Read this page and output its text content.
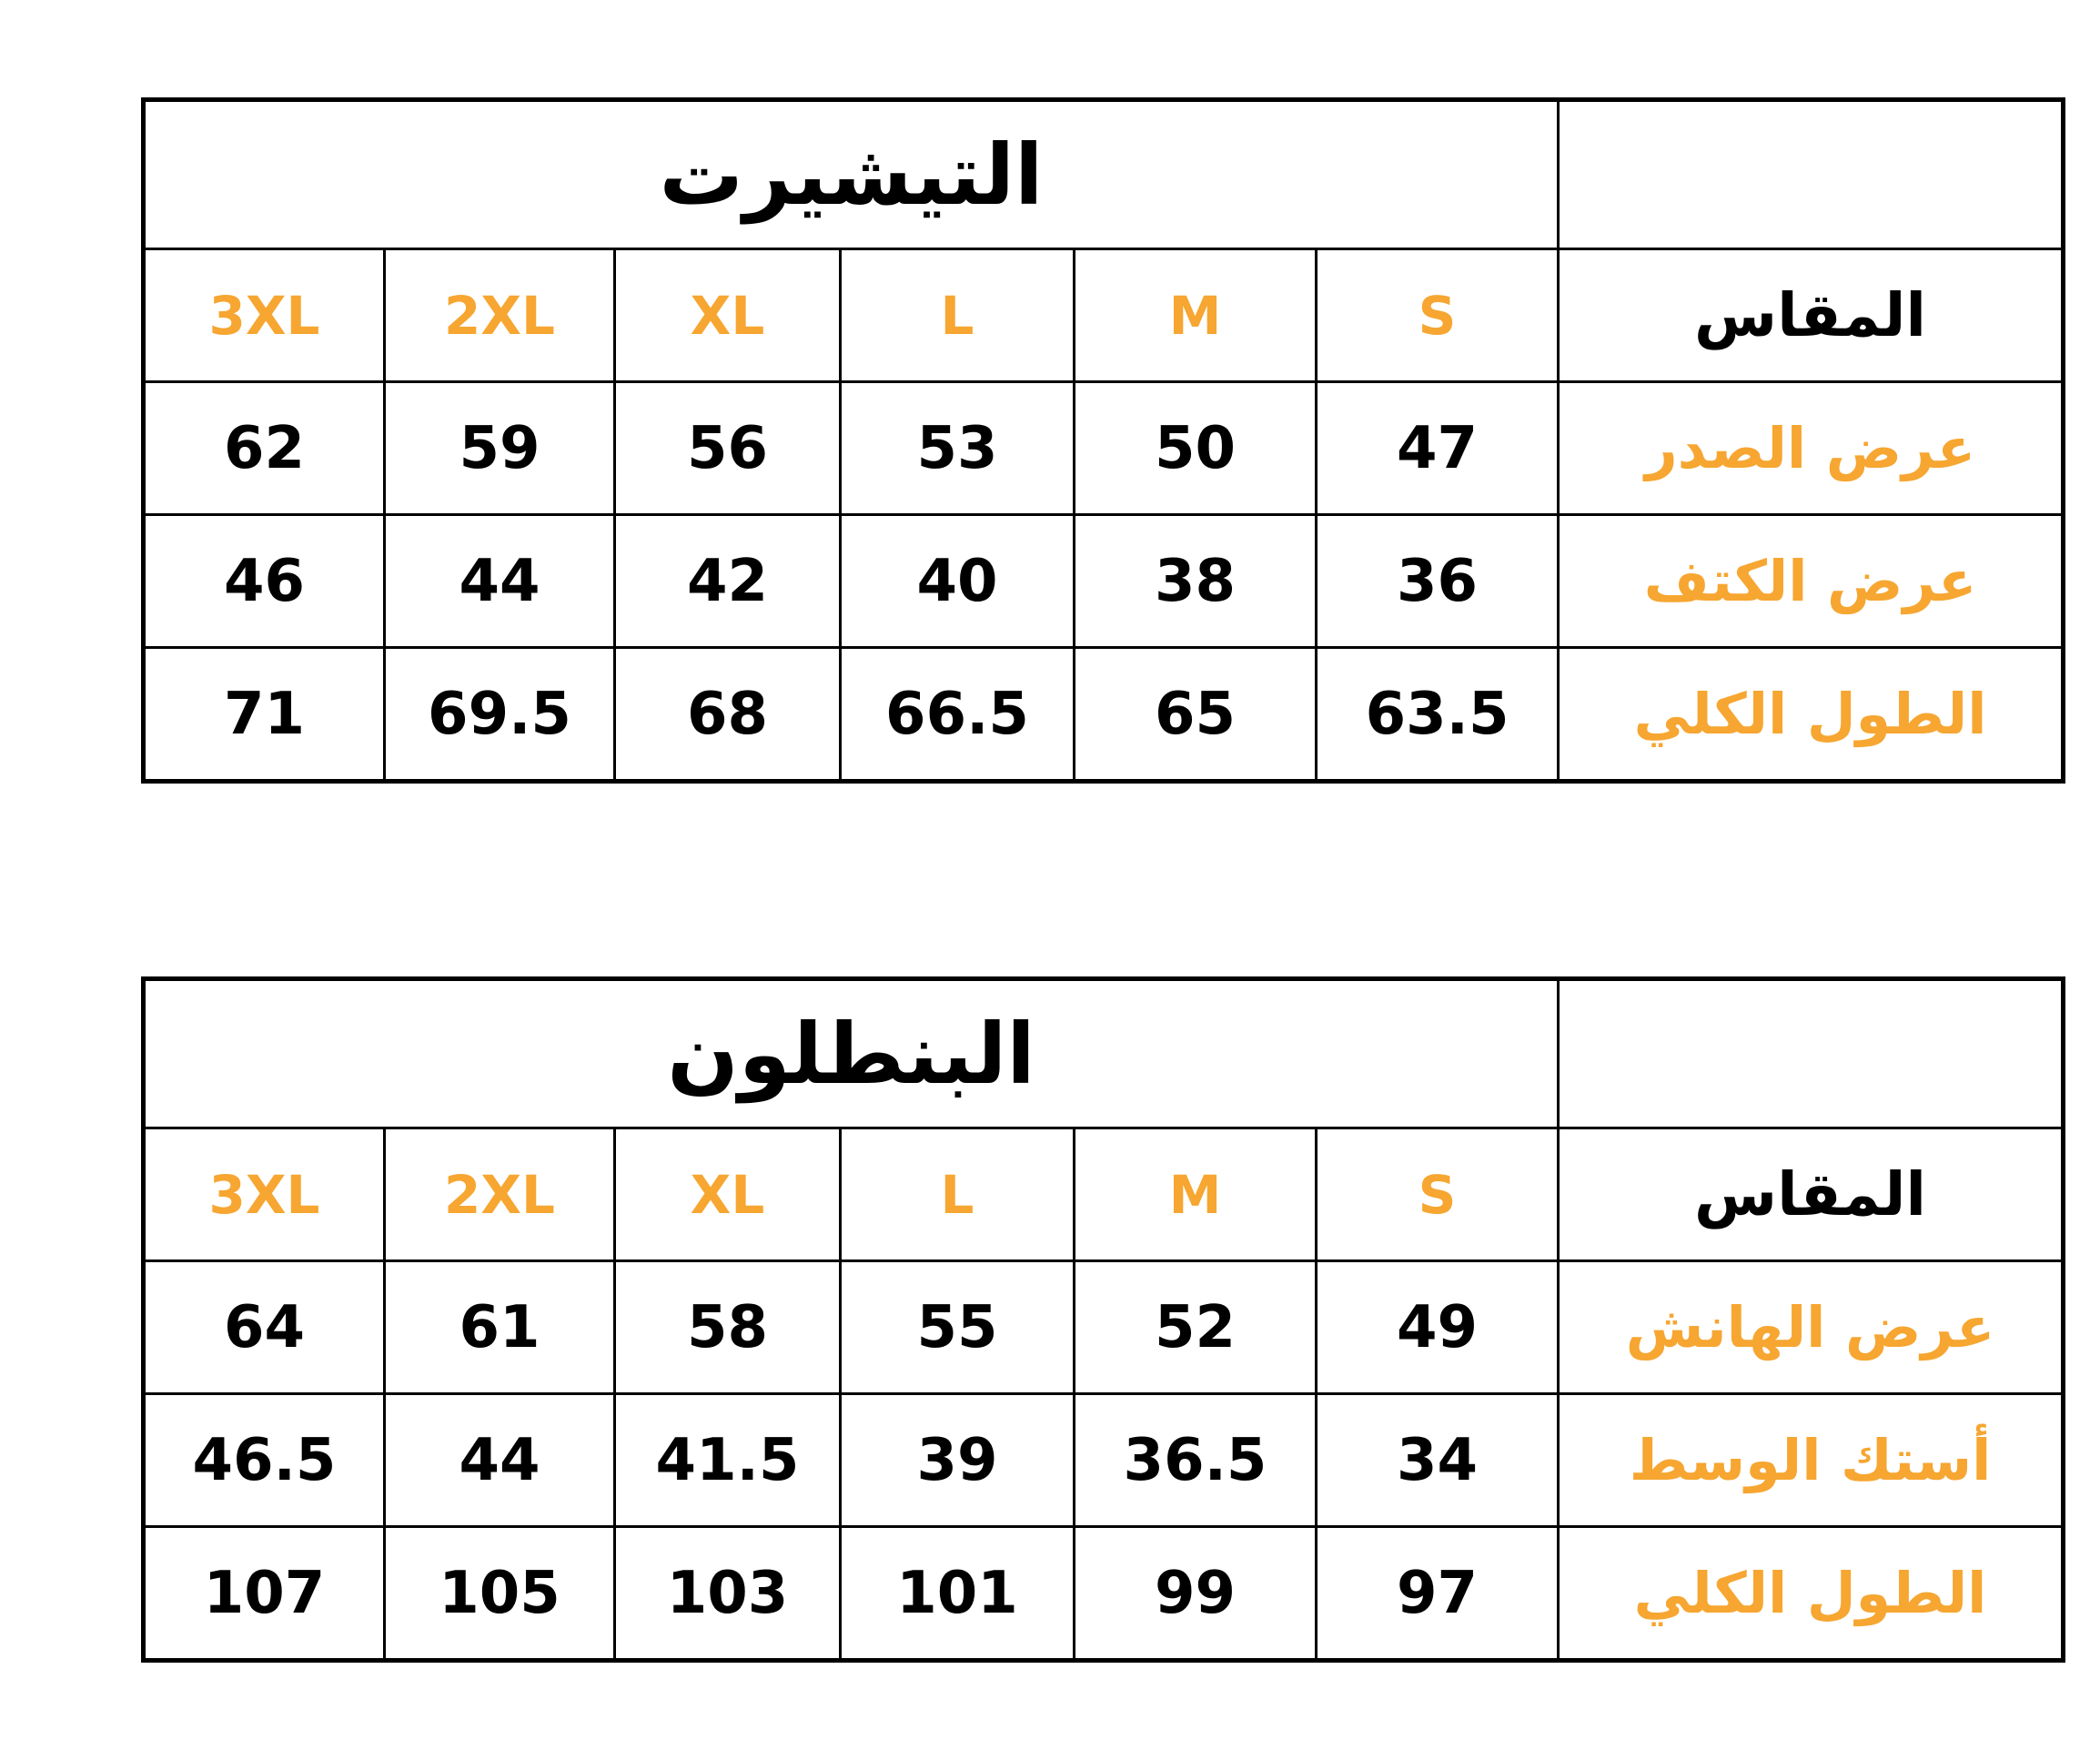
التيشيرت						
3XL	2XL	XL	L	M	S	المقاس
62	59	56	53	50	47	عرض الصدر
46	44	42	40	38	36	عرض الكتف
71	69.5	68	66.5	65	63.5	الطول الكلي
البنطلون						
3XL	2XL	XL	L	M	S	المقاس
64	61	58	55	52	49	عرض الهانش
46.5	44	41.5	39	36.5	34	أستك الوسط
107	105	103	101	99	97	الطول الكلي
